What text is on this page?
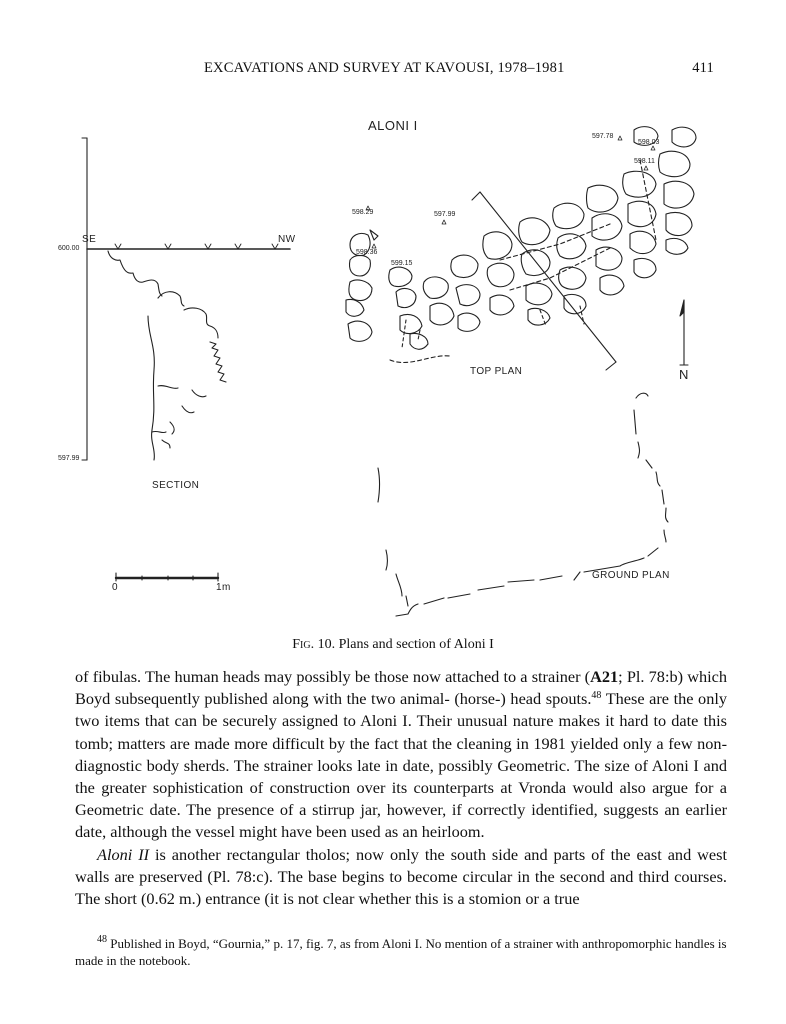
EXCAVATIONS AND SURVEY AT KAVOUSI, 1978–1981	411
ALONI I
597.78
598.03
598.11
597.99
598.29
598.36
599.15
SE	NW
600.00
597.99
SECTION
TOP PLAN	N
GROUND PLAN
0	1m
Fig. 10. Plans and section of Aloni I

of fibulas. The human heads may possibly be those now attached to a strainer (A21; Pl. 78:b) which Boyd subsequently published along with the two animal- (horse-) head spouts.$^{48}$ These are the only two items that can be securely assigned to Aloni I. Their unusual nature makes it hard to date this tomb; matters are made more difficult by the fact that the cleaning in 1981 yielded only a few non-diagnostic body sherds. The strainer looks late in date, possibly Geometric. The size of Aloni I and the greater sophistication of construction over its counterparts at Vronda would also argue for a Geometric date. The presence of a stirrup jar, however, if correctly identified, suggests an earlier date, although the vessel might have been used as an heirloom.

Aloni II is another rectangular tholos; now only the south side and parts of the east and west walls are preserved (Pl. 78:c). The base begins to become circular in the second and third courses. The short (0.62 m.) entrance (it is not clear whether this is a stomion or a true

$^{48}$ Published in Boyd, “Gournia,” p. 17, fig. 7, as from Aloni I. No mention of a strainer with anthropomorphic handles is made in the notebook.
